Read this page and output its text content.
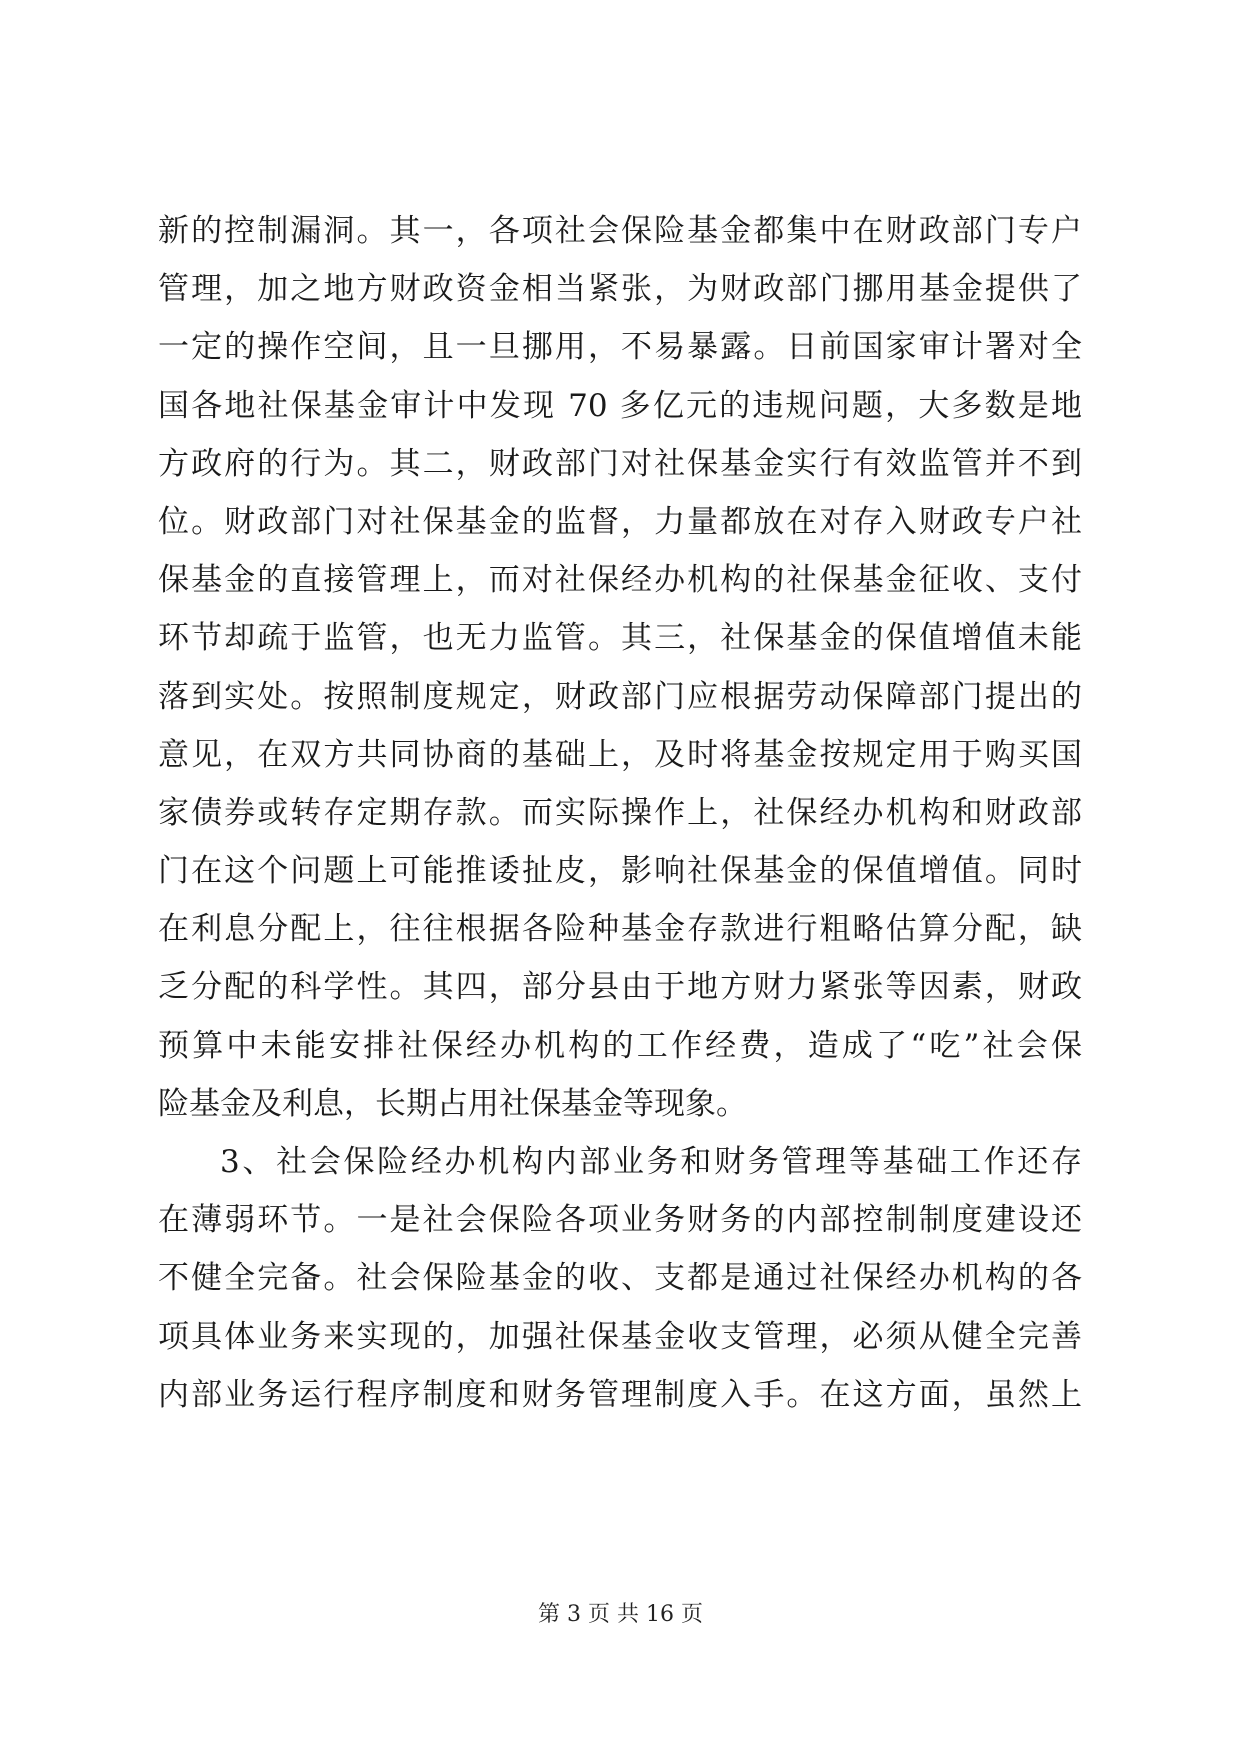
新的控制漏洞。其一，各项社会保险基金都集中在财政部门专户
管理，加之地方财政资金相当紧张，为财政部门挪用基金提供了
一定的操作空间，且一旦挪用，不易暴露。日前国家审计署对全
国各地社保基金审计中发现 70 多亿元的违规问题，大多数是地
方政府的行为。其二，财政部门对社保基金实行有效监管并不到
位。财政部门对社保基金的监督，力量都放在对存入财政专户社
保基金的直接管理上，而对社保经办机构的社保基金征收、支付
环节却疏于监管，也无力监管。其三，社保基金的保值增值未能
落到实处。按照制度规定，财政部门应根据劳动保障部门提出的
意见，在双方共同协商的基础上，及时将基金按规定用于购买国
家债券或转存定期存款。而实际操作上，社保经办机构和财政部
门在这个问题上可能推诿扯皮，影响社保基金的保值增值。同时
在利息分配上，往往根据各险种基金存款进行粗略估算分配，缺
乏分配的科学性。其四，部分县由于地方财力紧张等因素，财政
预算中未能安排社保经办机构的工作经费，造成了“吃”社会保
险基金及利息，长期占用社保基金等现象。
3、社会保险经办机构内部业务和财务管理等基础工作还存
在薄弱环节。一是社会保险各项业务财务的内部控制制度建设还
不健全完备。社会保险基金的收、支都是通过社保经办机构的各
项具体业务来实现的，加强社保基金收支管理，必须从健全完善
内部业务运行程序制度和财务管理制度入手。在这方面，虽然上
第 3 页 共 16 页
